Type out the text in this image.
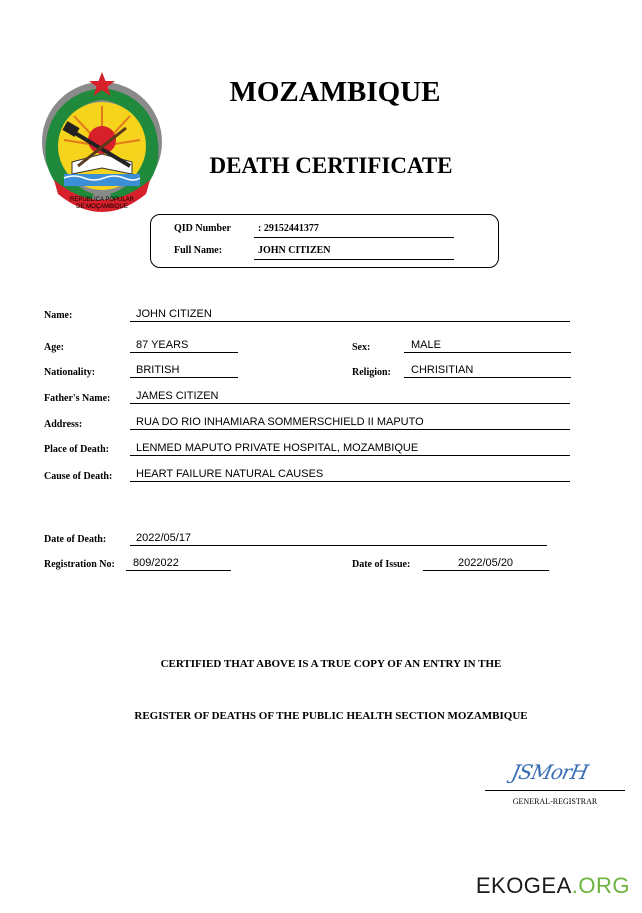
REPÚBLICA POPULAR
DE MOÇAMBIQUE
MOZAMBIQUE
DEATH CERTIFICATE
QID Number	: 29152441377
Full Name:	JOHN CITIZEN
Name:	JOHN CITIZEN
Age:	87 YEARS	Sex:	MALE
Nationality:	BRITISH	Religion: CHRISITIAN
Father's Name: JAMES CITIZEN
Address:	RUA DO RIO INHAMIARA SOMMERSCHIELD II MAPUTO
Place of Death: LENMED MAPUTO PRIVATE HOSPITAL, MOZAMBIQUE
Cause of Death: HEART FAILURE NATURAL CAUSES
Date of Death:	2022/05/17
Registration No: 809/2022	Date of Issue:	2022/05/20
CERTIFIED THAT ABOVE IS A TRUE COPY OF AN ENTRY IN THE
REGISTER OF DEATHS OF THE PUBLIC HEALTH SECTION MOZAMBIQUE
JSMorH
GENERAL-REGISTRAR
EKOGEA.ORG
